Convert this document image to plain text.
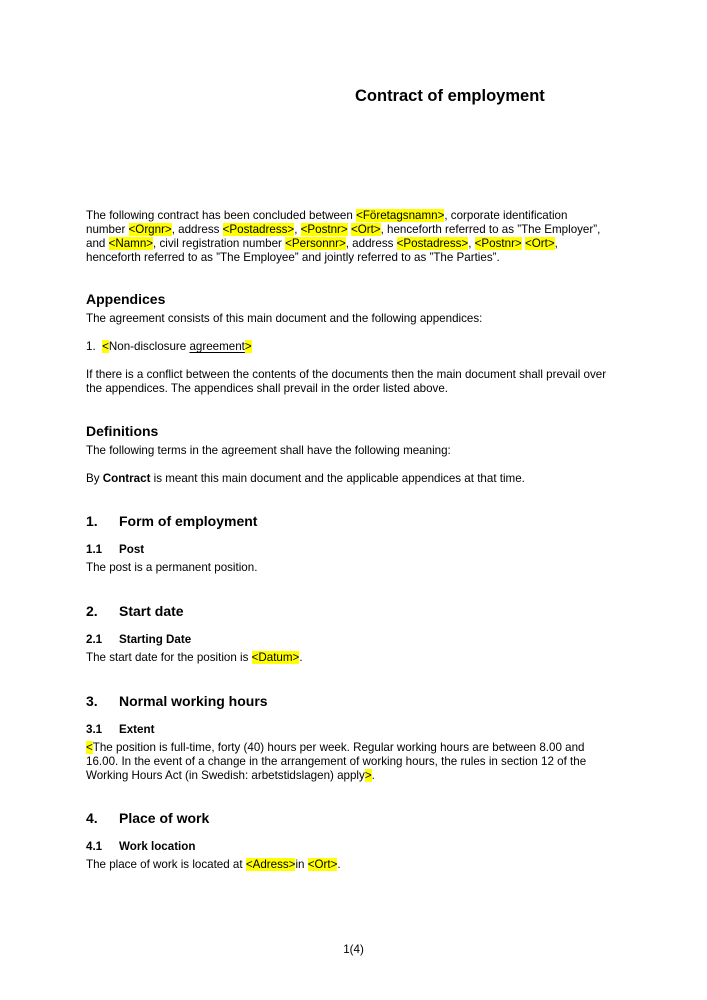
Contract of employment
The following contract has been concluded between <Företagsnamn>, corporate identification
number <Orgnr>, address <Postadress>, <Postnr> <Ort>, henceforth referred to as ”The Employer”,
and <Namn>, civil registration number <Personnr>, address <Postadress>, <Postnr> <Ort>,
henceforth referred to as ”The Employee” and jointly referred to as ”The Parties”.
Appendices
The agreement consists of this main document and the following appendices:
1. <Non-disclosure agreement>
If there is a conflict between the contents of the documents then the main document shall prevail over
the appendices. The appendices shall prevail in the order listed above.
Definitions
The following terms in the agreement shall have the following meaning:
By Contract is meant this main document and the applicable appendices at that time.
1. Form of employment
1.1 Post
The post is a permanent position.
2. Start date
2.1 Starting Date
The start date for the position is <Datum>.
3. Normal working hours
3.1 Extent
<The position is full-time, forty (40) hours per week. Regular working hours are between 8.00 and
16.00. In the event of a change in the arrangement of working hours, the rules in section 12 of the
Working Hours Act (in Swedish: arbetstidslagen) apply>.
4. Place of work
4.1 Work location
The place of work is located at <Adress>in <Ort>.
1(4)
